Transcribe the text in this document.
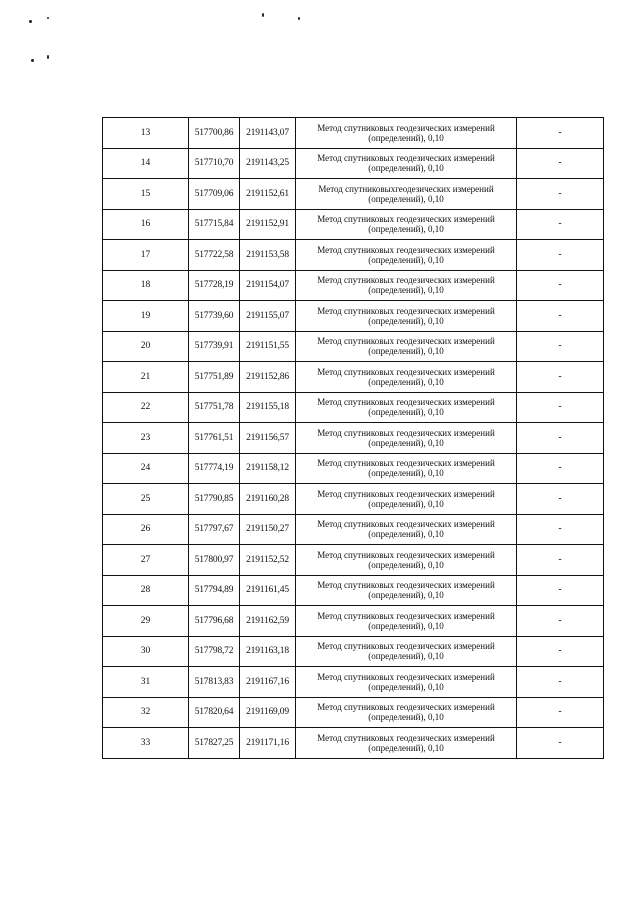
13	517700,86	2191143,07	Метод спутниковых геодезических измерений (определений), 0,10	-
14	517710,70	2191143,25	Метод спутниковых геодезических измерений (определений), 0,10	-
15	517709,06	2191152,61	Метод спутниковыхгеодезических измерений (определений), 0,10	-
16	517715,84	2191152,91	Метод спутниковых геодезических измерений (определений), 0,10	-
17	517722,58	2191153,58	Метод спутниковых геодезических измерений (определений), 0,10	-
18	517728,19	2191154,07	Метод спутниковых геодезических измерений (определений), 0,10	-
19	517739,60	2191155,07	Метод спутниковых геодезических измерений (определений), 0,10	-
20	517739,91	2191151,55	Метод спутниковых геодезических измерений (определений), 0,10	-
21	517751,89	2191152,86	Метод спутниковых геодезических измерений (определений), 0,10	-
22	517751,78	2191155,18	Метод спутниковых геодезических измерений (определений), 0,10	-
23	517761,51	2191156,57	Метод спутниковых геодезических измерений (определений), 0,10	-
24	517774,19	2191158,12	Метод спутниковых геодезических измерений (определений), 0,10	-
25	517790,85	2191160,28	Метод спутниковых геодезических измерений (определений), 0,10	-
26	517797,67	2191150,27	Метод спутниковых геодезических измерений (определений), 0,10	-
27	517800,97	2191152,52	Метод спутниковых геодезических измерений (определений), 0,10	-
28	517794,89	2191161,45	Метод спутниковых геодезических измерений (определений), 0,10	-
29	517796,68	2191162,59	Метод спутниковых геодезических измерений (определений), 0,10	-
30	517798,72	2191163,18	Метод спутниковых геодезических измерений (определений), 0,10	-
31	517813,83	2191167,16	Метод спутниковых геодезических измерений (определений), 0,10	-
32	517820,64	2191169,09	Метод спутниковых геодезических измерений (определений), 0,10	-
33	517827,25	2191171,16	Метод спутниковых геодезических измерений (определений), 0,10	-
